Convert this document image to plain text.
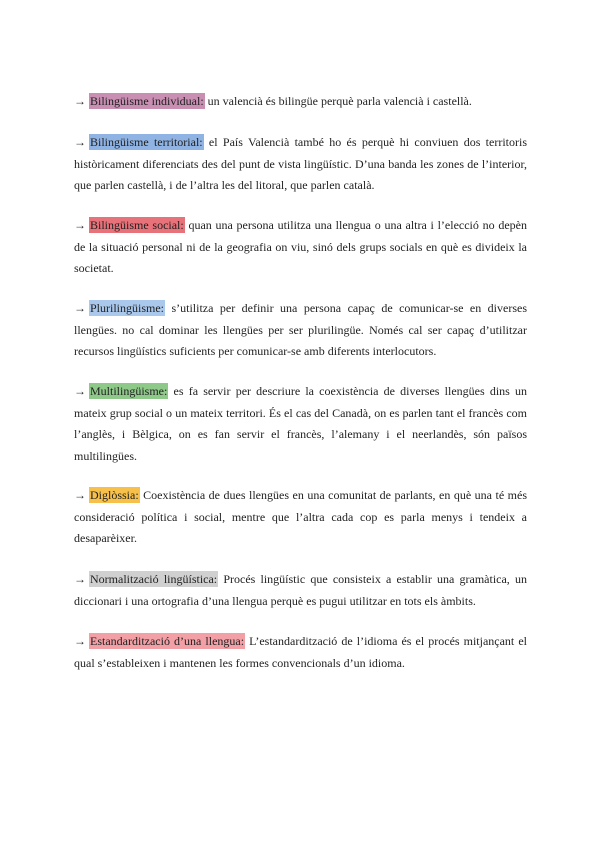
→ Bilingüisme individual: un valencià és bilingüe perquè parla valencià i castellà.

→ Bilingüisme territorial: el País Valencià també ho és perquè hi conviuen dos territoris històricament diferenciats des del punt de vista lingüístic. D’una banda les zones de l’interior, que parlen castellà, i de l’altra les del litoral, que parlen català.

→ Bilingüisme social: quan una persona utilitza una llengua o una altra i l’elecció no depèn de la situació personal ni de la geografia on viu, sinó dels grups socials en què es divideix la societat.

→ Plurilingüisme: s’utilitza per definir una persona capaç de comunicar-se en diverses llengües. no cal dominar les llengües per ser plurilingüe. Només cal ser capaç d’utilitzar recursos lingüístics suficients per comunicar-se amb diferents interlocutors.

→ Multilingüisme: es fa servir per descriure la coexistència de diverses llengües dins un mateix grup social o un mateix territori. És el cas del Canadà, on es parlen tant el francès com l’anglès, i Bèlgica, on es fan servir el francès, l’alemany i el neerlandès, són països multilingües.

→ Diglòssia: Coexistència de dues llengües en una comunitat de parlants, en què una té més consideració política i social, mentre que l’altra cada cop es parla menys i tendeix a desaparèixer.

→ Normalització lingüística: Procés lingüístic que consisteix a establir una gramàtica, un diccionari i una ortografia d’una llengua perquè es pugui utilitzar en tots els àmbits.

→ Estandardització d’una llengua: L’estandardització de l’idioma és el procés mitjançant el qual s’estableixen i mantenen les formes convencionals d’un idioma.
